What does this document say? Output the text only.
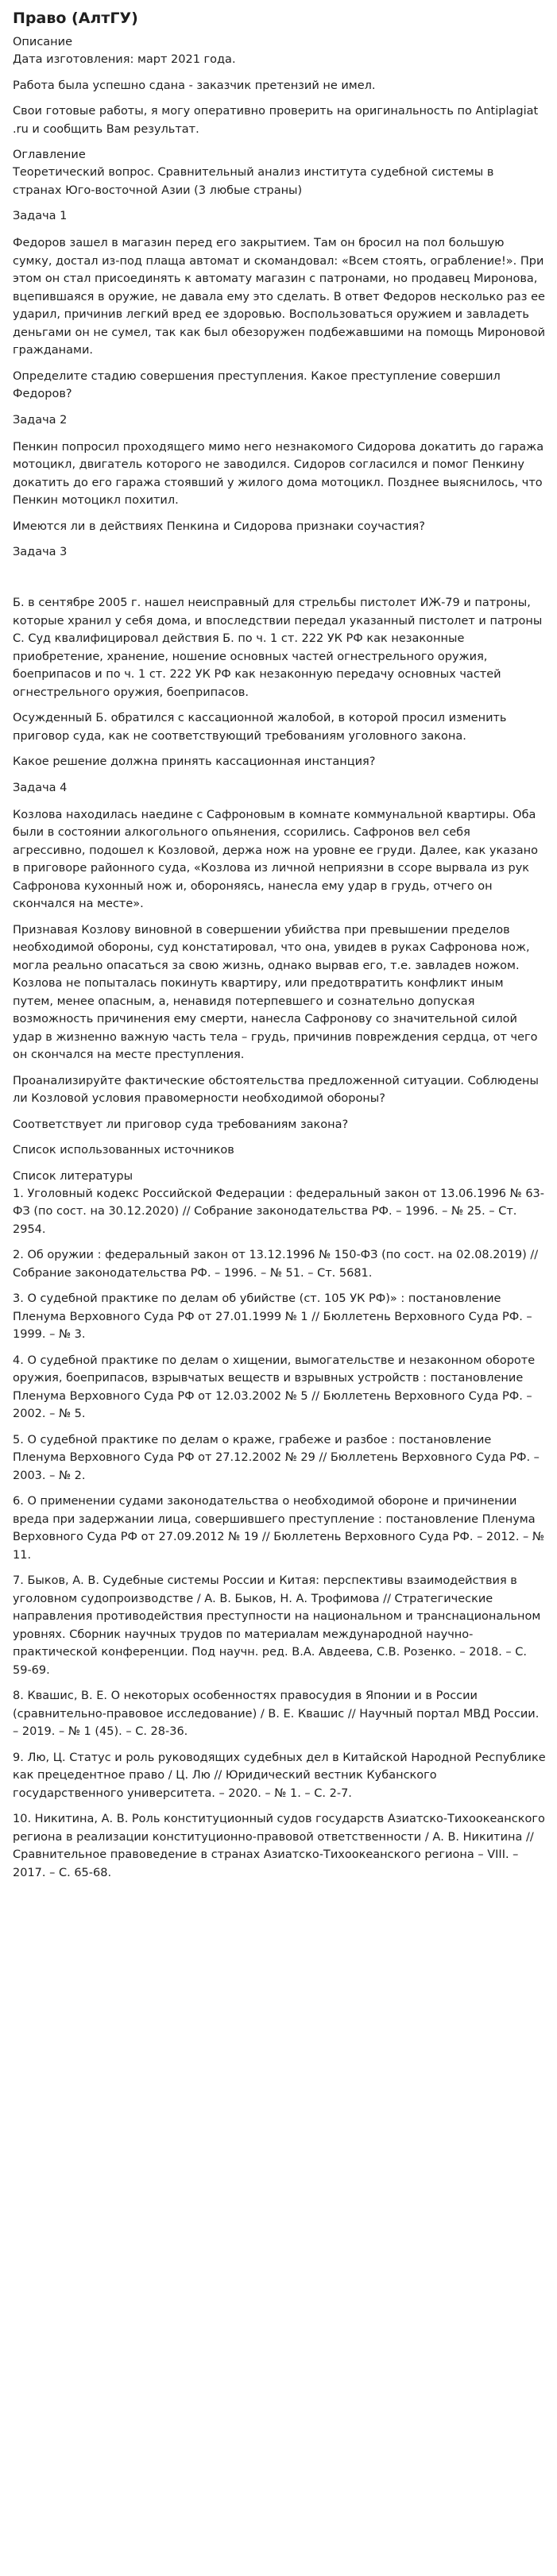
Право (АлтГУ)
Описание

Дата изготовления: март 2021 года.

Работа была успешно сдана - заказчик претензий не имел.

Свои готовые работы, я могу оперативно проверить на оригинальность по Antiplagiat .ru и сообщить Вам результат.

Оглавление

Теоретический вопрос. Сравнительный анализ института судебной системы в странах Юго-восточной Азии (3 любые страны)

Задача 1

Федоров зашел в магазин перед его закрытием. Там он бросил на пол большую сумку, достал из-под плаща автомат и скомандовал: «Всем стоять, ограбление!». При этом он стал присоединять к автомату магазин с патронами, но продавец Миронова, вцепившаяся в оружие, не давала ему это сделать. В ответ Федоров несколько раз ее ударил, причинив легкий вред ее здоровью. Воспользоваться оружием и завладеть деньгами он не сумел, так как был обезоружен подбежавшими на помощь Мироновой гражданами.

Определите стадию совершения преступления. Какое преступление совершил Федоров?

Задача 2

Пенкин попросил проходящего мимо него незнакомого Сидорова докатить до гаража мотоцикл, двигатель которого не заводился. Сидоров согласился и помог Пенкину докатить до его гаража стоявший у жилого дома мотоцикл. Позднее выяснилось, что Пенкин мотоцикл похитил.

Имеются ли в действиях Пенкина и Сидорова признаки соучастия?

Задача 3

Б. в сентябре 2005 г. нашел неисправный для стрельбы пистолет ИЖ-79 и патроны, которые хранил у себя дома, и впоследствии передал указанный пистолет и патроны С. Суд квалифицировал действия Б. по ч. 1 ст. 222 УК РФ как незаконные приобретение, хранение, ношение основных частей огнестрельного оружия, боеприпасов и по ч. 1 ст. 222 УК РФ как незаконную передачу основных частей огнестрельного оружия, боеприпасов.

Осужденный Б. обратился с кассационной жалобой, в которой просил изменить приговор суда, как не соответствующий требованиям уголовного закона.

Какое решение должна принять кассационная инстанция?

Задача 4

Козлова находилась наедине с Сафроновым в комнате коммунальной квартиры. Оба были в состоянии алкогольного опьянения, ссорились. Сафронов вел себя агрессивно, подошел к Козловой, держа нож на уровне ее груди. Далее, как указано в приговоре районного суда, «Козлова из личной неприязни в ссоре вырвала из рук Сафронова кухонный нож и, обороняясь, нанесла ему удар в грудь, отчего он скончался на месте».

Признавая Козлову виновной в совершении убийства при превышении пределов необходимой обороны, суд констатировал, что она, увидев в руках Сафронова нож, могла реально опасаться за свою жизнь, однако вырвав его, т.е. завладев ножом. Козлова не попыталась покинуть квартиру, или предотвратить конфликт иным путем, менее опасным, а, ненавидя потерпевшего и сознательно допуская возможность причинения ему смерти, нанесла Сафронову со значительной силой удар в жизненно важную часть тела – грудь, причинив повреждения сердца, от чего он скончался на месте преступления.

Проанализируйте фактические обстоятельства предложенной ситуации. Соблюдены ли Козловой условия правомерности необходимой обороны?

Соответствует ли приговор суда требованиям закона?

Список использованных источников

Список литературы
1. Уголовный кодекс Российской Федерации : федеральный закон от 13.06.1996 № 63-ФЗ (по сост. на 30.12.2020) // Собрание законодательства РФ. – 1996. – № 25. – Ст. 2954.
2. Об оружии : федеральный закон от 13.12.1996 № 150-ФЗ (по сост. на 02.08.2019) // Собрание законодательства РФ. – 1996. – № 51. – Ст. 5681.
3. О судебной практике по делам об убийстве (ст. 105 УК РФ)» : постановление Пленума Верховного Суда РФ от 27.01.1999 № 1 // Бюллетень Верховного Суда РФ. – 1999. – № 3.
4. О судебной практике по делам о хищении, вымогательстве и незаконном обороте оружия, боеприпасов, взрывчатых веществ и взрывных устройств : постановление Пленума Верховного Суда РФ от 12.03.2002 № 5 // Бюллетень Верховного Суда РФ. – 2002. – № 5.
5. О судебной практике по делам о краже, грабеже и разбое : постановление Пленума Верховного Суда РФ от 27.12.2002 № 29 // Бюллетень Верховного Суда РФ. – 2003. – № 2.
6. О применении судами законодательства о необходимой обороне и причинении вреда при задержании лица, совершившего преступление : постановление Пленума Верховного Суда РФ от 27.09.2012 № 19 // Бюллетень Верховного Суда РФ. – 2012. – № 11.
7. Быков, А. В. Судебные системы России и Китая: перспективы взаимодействия в уголовном судопроизводстве / А. В. Быков, Н. А. Трофимова // Стратегические направления противодействия преступности на национальном и транснациональном уровнях. Сборник научных трудов по материалам международной научно-практической конференции. Под научн. ред. В.А. Авдеева, С.В. Розенко. – 2018. – С. 59-69.
8. Квашис, В. Е. О некоторых особенностях правосудия в Японии и в России (сравнительно-правовое исследование) / В. Е. Квашис // Научный портал МВД России. – 2019. – № 1 (45). – С. 28-36.
9. Лю, Ц. Статус и роль руководящих судебных дел в Китайской Народной Республике как прецедентное право / Ц. Лю // Юридический вестник Кубанского государственного университета. – 2020. – № 1. – С. 2-7.
10. Никитина, А. В. Роль конституционный судов государств Азиатско-Тихоокеанского региона в реализации конституционно-правовой ответственности / А. В. Никитина // Сравнительное правоведение в странах Азиатско-Тихоокеанского региона – VIII. – 2017. – С. 65-68.
